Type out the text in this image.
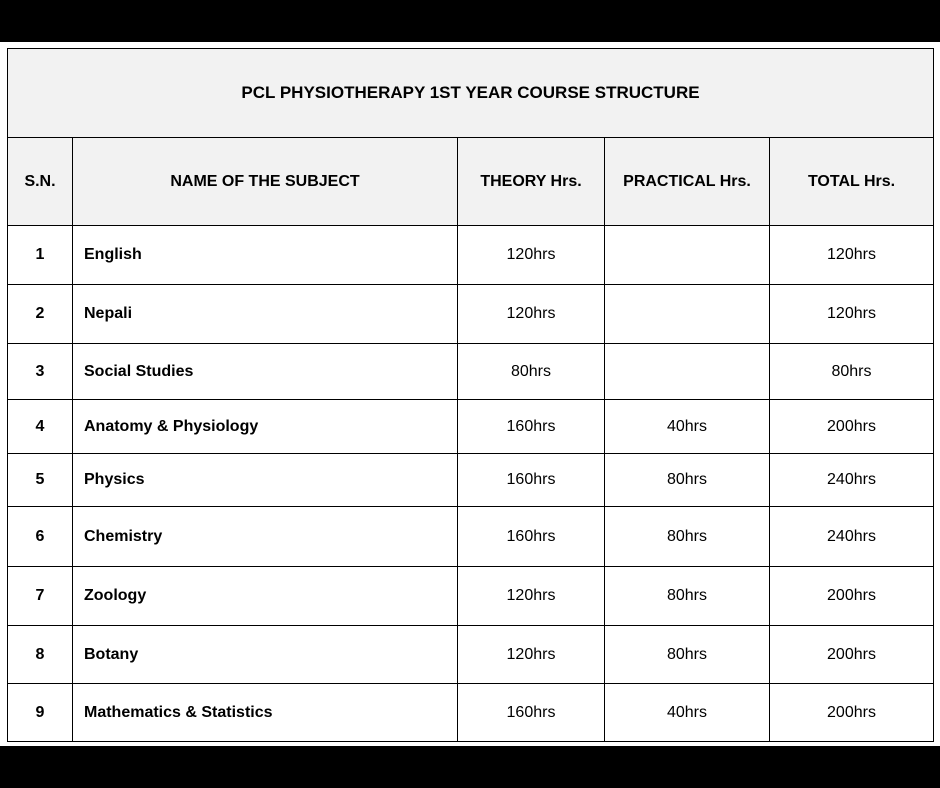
PCL PHYSIOTHERAPY 1ST YEAR COURSE STRUCTURE				
S.N.	NAME OF THE SUBJECT	THEORY Hrs.	PRACTICAL Hrs.	TOTAL Hrs.
1	English	120hrs		120hrs
2	Nepali	120hrs		120hrs
3	Social Studies	80hrs		80hrs
4	Anatomy & Physiology	160hrs	40hrs	200hrs
5	Physics	160hrs	80hrs	240hrs
6	Chemistry	160hrs	80hrs	240hrs
7	Zoology	120hrs	80hrs	200hrs
8	Botany	120hrs	80hrs	200hrs
9	Mathematics & Statistics	160hrs	40hrs	200hrs
